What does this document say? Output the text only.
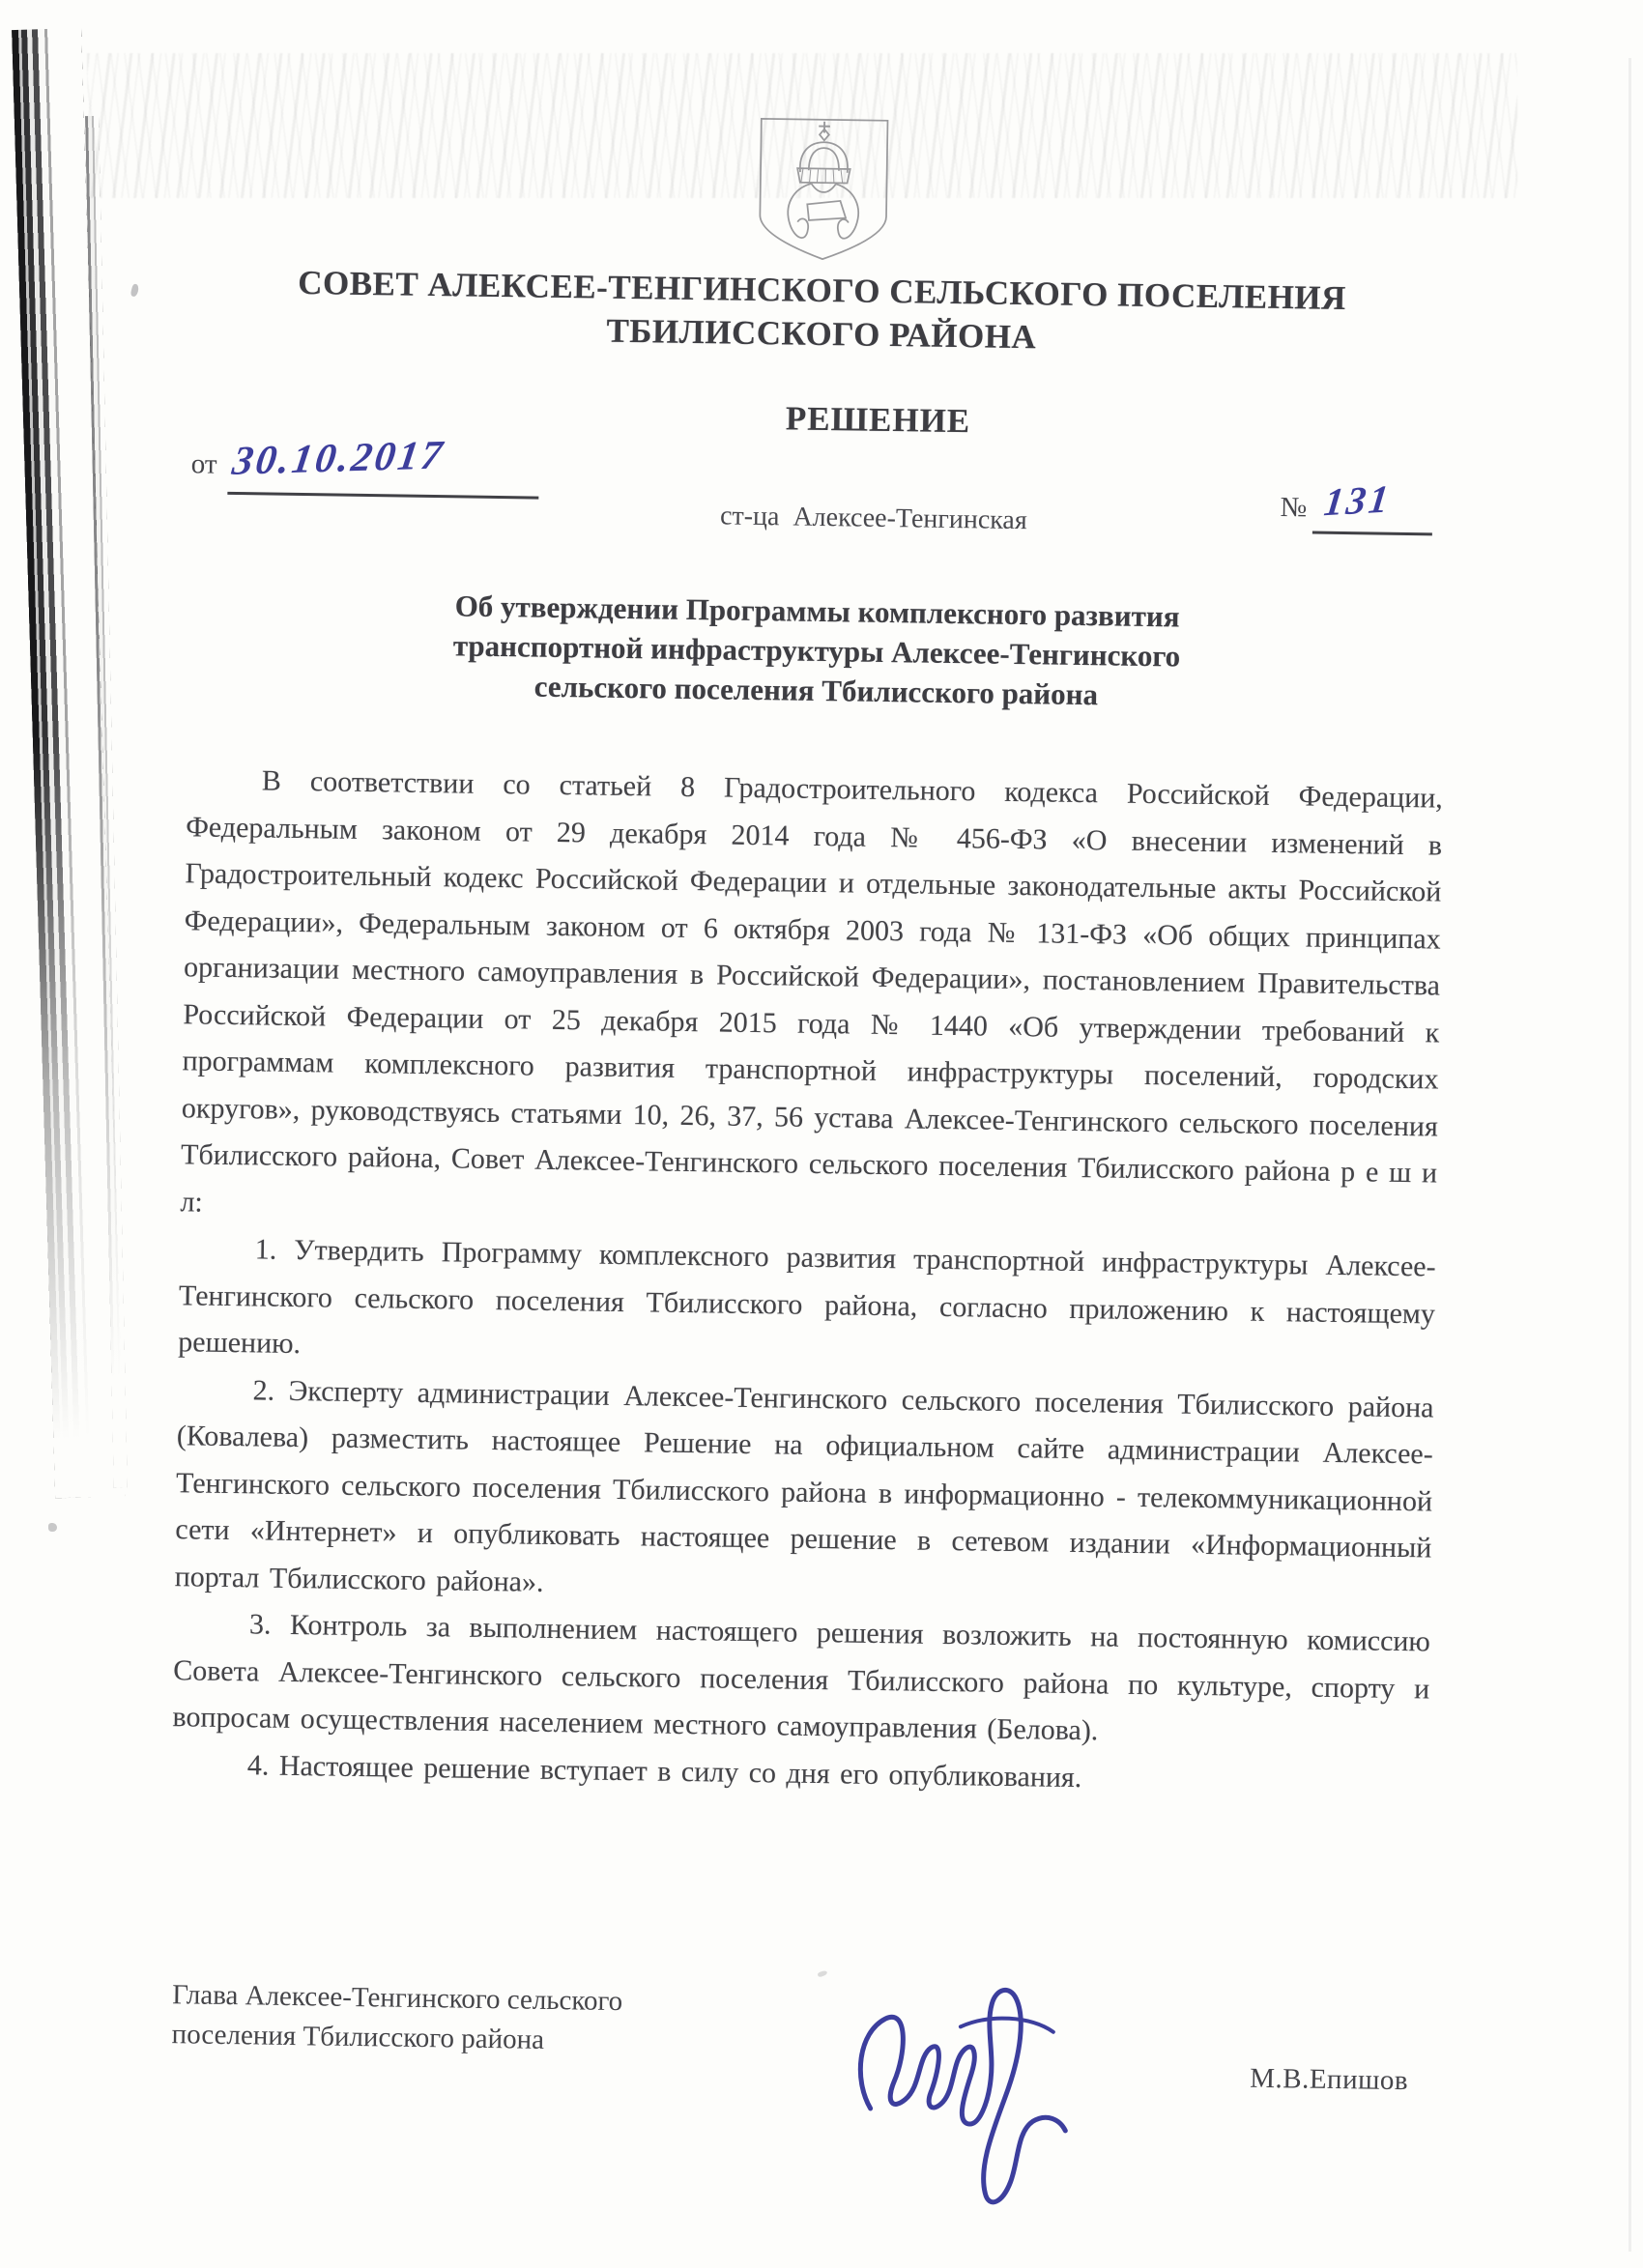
СОВЕТ АЛЕКСЕЕ-ТЕНГИНСКОГО СЕЛЬСКОГО ПОСЕЛЕНИЯ
ТБИЛИССКОГО РАЙОНА
РЕШЕНИЕ
от 30.10.2017
№ 131
ст-ца  Алексее-Тенгинская
Об утверждении Программы комплексного развития
транспортной инфраструктуры Алексее-Тенгинского
сельского поселения Тбилисского района

В соответствии со статьей 8 Градостроительного кодекса Российской Федерации, Федеральным законом от 29 декабря 2014 года № 456-ФЗ «О внесении изменений в Градостроительный кодекс Российской Федерации и отдельные законодательные акты Российской Федерации», Федеральным законом от 6 октября 2003 года № 131-ФЗ «Об общих принципах организации местного самоуправления в Российской Федерации», постановлением Правительства Российской Федерации от 25 декабря 2015 года № 1440 «Об утверждении требований к программам комплексного развития транспортной инфраструктуры поселений, городских округов», руководствуясь статьями 10, 26, 37, 56 устава Алексее-Тенгинского сельского поселения Тбилисского района, Совет Алексее-Тенгинского сельского поселения Тбилисского района р е ш и л:

1. Утвердить Программу комплексного развития транспортной инфраструктуры Алексее-Тенгинского сельского поселения Тбилисского района, согласно приложению к настоящему решению.

2. Эксперту администрации Алексее-Тенгинского сельского поселения Тбилисского района (Ковалева) разместить настоящее Решение на официальном сайте администрации Алексее-Тенгинского сельского поселения Тбилисского района в информационно - телекоммуникационной сети «Интернет» и опубликовать настоящее решение в сетевом издании «Информационный портал Тбилисского района».

3. Контроль за выполнением настоящего решения возложить на постоянную комиссию Совета Алексее-Тенгинского сельского поселения Тбилисского района по культуре, спорту и вопросам осуществления населением местного самоуправления (Белова).

4. Настоящее решение вступает в силу со дня его опубликования.

Глава Алексее-Тенгинского сельского
поселения Тбилисского района
М.В.Епишов
